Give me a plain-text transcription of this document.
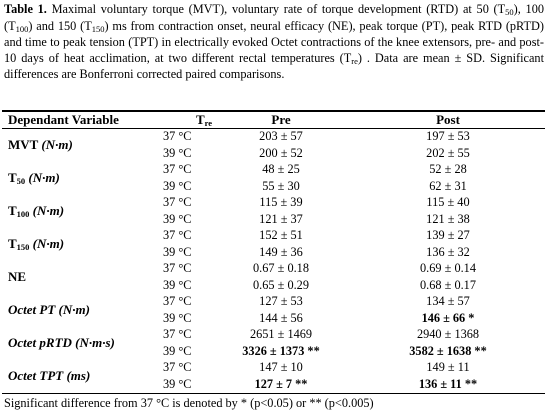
Table 1. Maximal voluntary torque (MVT), voluntary rate of torque development (RTD) at 50 (T50), 100 (T100) and 150 (T150) ms from contraction onset, neural efficacy (NE), peak torque (PT), peak RTD (pRTD) and time to peak tension (TPT) in electrically evoked Octet contractions of the knee extensors, pre- and post- 10 days of heat acclimation, at two different rectal temperatures (Tre) . Data are mean ± SD. Significant differences are Bonferroni corrected paired comparisons.
Dependant Variable	Tre	Pre	Post
MVT (N·m)
37 °C	203 ± 57	197 ± 53
39 °C	200 ± 52	202 ± 55
T50 (N·m)
37 °C	48 ± 25	52 ± 28
39 °C	55 ± 30	62 ± 31
T100 (N·m)
37 °C	115 ± 39	115 ± 40
39 °C	121 ± 37	121 ± 38
T150 (N·m)
37 °C	152 ± 51	139 ± 27
39 °C	149 ± 36	136 ± 32
NE
37 °C	0.67 ± 0.18	0.69 ± 0.14
39 °C	0.65 ± 0.29	0.68 ± 0.17
Octet PT (N·m)
37 °C	127 ± 53	134 ± 57
39 °C	144 ± 56	146 ± 66 *
Octet pRTD (N·m·s)
37 °C	2651 ± 1469	2940 ± 1368
39 °C	3326 ± 1373 **	3582 ± 1638 **
Octet TPT (ms)
37 °C	147 ± 10	149 ± 11
39 °C	127 ± 7 **	136 ± 11 **
Significant difference from 37 °C is denoted by * (p<0.05) or ** (p<0.005)
